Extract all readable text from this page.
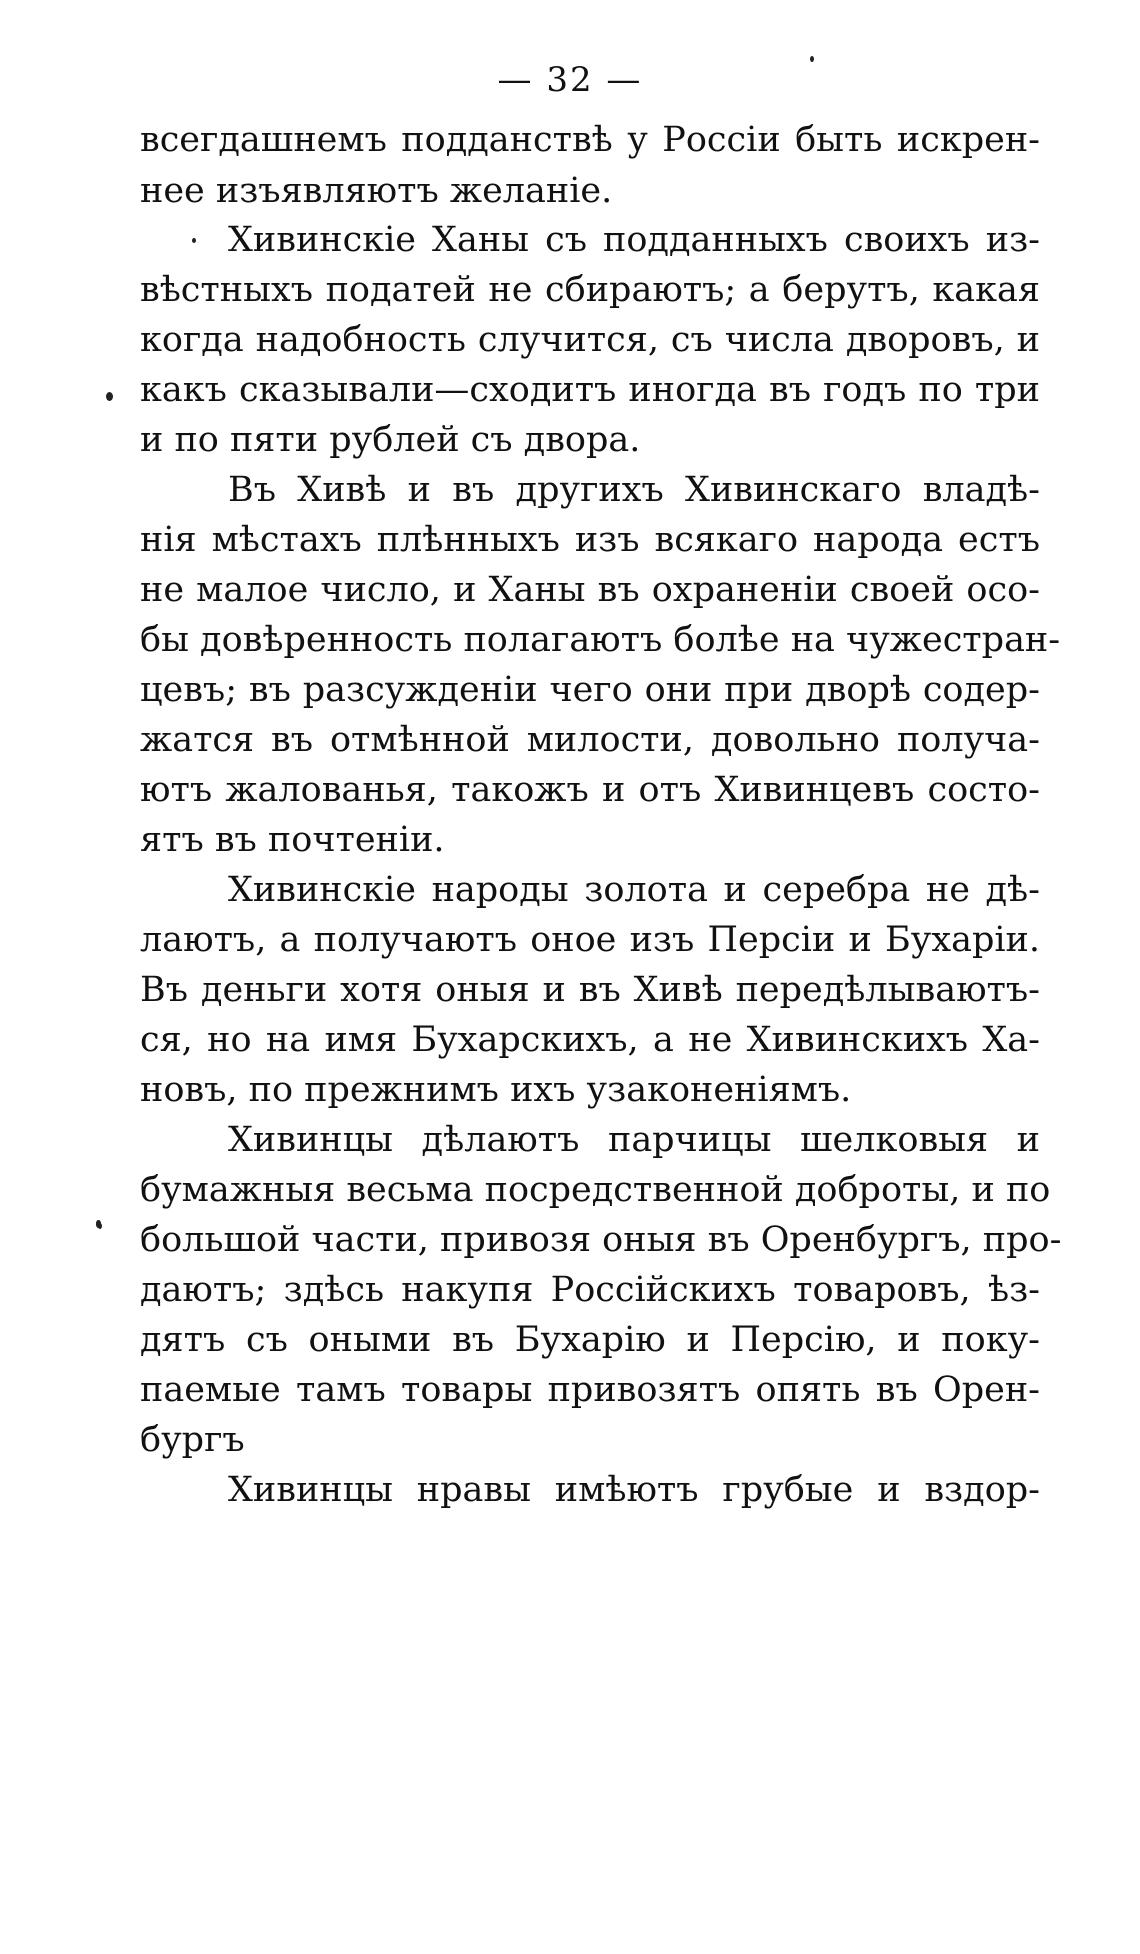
— 32 —
всегдашнемъ подданствѣ у Россіи быть искрен-
нее изъявляютъ желаніе.
Хивинскіе Ханы съ подданныхъ своихъ из-
вѣстныхъ податей не сбираютъ; а берутъ, какая
когда надобность случится, съ числа дворовъ, и
какъ сказывали—сходитъ иногда въ годъ по три
и по пяти рублей съ двора.
Въ Хивѣ и въ другихъ Хивинскаго владѣ-
нія мѣстахъ плѣнныхъ изъ всякаго народа естъ
не малое число, и Ханы въ охраненіи своей осо-
бы довѣренность полагаютъ болѣе на чужестран-
цевъ; въ разсужденіи чего они при дворѣ содер-
жатся въ отмѣнной милости, довольно получа-
ютъ жалованья, такожъ и отъ Хивинцевъ состо-
ятъ въ почтеніи.
Хивинскіе народы золота и серебра не дѣ-
лаютъ, а получаютъ оное изъ Персіи и Бухаріи.
Въ деньги хотя оныя и въ Хивѣ передѣлываютъ-
ся, но на имя Бухарскихъ, а не Хивинскихъ Ха-
новъ, по прежнимъ ихъ узаконеніямъ.
Хивинцы дѣлаютъ парчицы шелковыя и
бумажныя весьма посредственной доброты, и по
большой части, привозя оныя въ Оренбургъ, про-
даютъ; здѣсь накупя Россійскихъ товаровъ, ѣз-
дятъ съ оными въ Бухарію и Персію, и поку-
паемые тамъ товары привозятъ опять въ Орен-
бургъ
Хивинцы нравы имѣютъ грубые и вздор-
